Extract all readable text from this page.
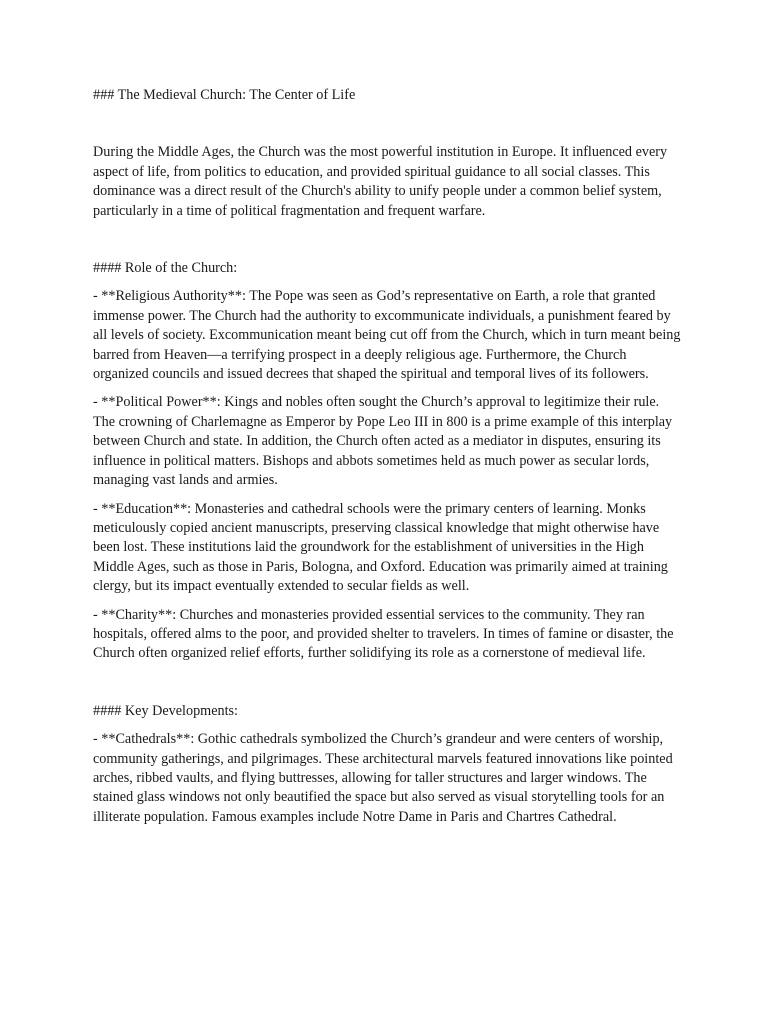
### The Medieval Church: The Center of Life

During the Middle Ages, the Church was the most powerful institution in Europe. It influenced every aspect of life, from politics to education, and provided spiritual guidance to all social classes. This dominance was a direct result of the Church's ability to unify people under a common belief system, particularly in a time of political fragmentation and frequent warfare.

#### Role of the Church:

- **Religious Authority**: The Pope was seen as God’s representative on Earth, a role that granted immense power. The Church had the authority to excommunicate individuals, a punishment feared by all levels of society. Excommunication meant being cut off from the Church, which in turn meant being barred from Heaven—a terrifying prospect in a deeply religious age. Furthermore, the Church organized councils and issued decrees that shaped the spiritual and temporal lives of its followers.

- **Political Power**: Kings and nobles often sought the Church’s approval to legitimize their rule. The crowning of Charlemagne as Emperor by Pope Leo III in 800 is a prime example of this interplay between Church and state. In addition, the Church often acted as a mediator in disputes, ensuring its influence in political matters. Bishops and abbots sometimes held as much power as secular lords, managing vast lands and armies.

- **Education**: Monasteries and cathedral schools were the primary centers of learning. Monks meticulously copied ancient manuscripts, preserving classical knowledge that might otherwise have been lost. These institutions laid the groundwork for the establishment of universities in the High Middle Ages, such as those in Paris, Bologna, and Oxford. Education was primarily aimed at training clergy, but its impact eventually extended to secular fields as well.

- **Charity**: Churches and monasteries provided essential services to the community. They ran hospitals, offered alms to the poor, and provided shelter to travelers. In times of famine or disaster, the Church often organized relief efforts, further solidifying its role as a cornerstone of medieval life.

#### Key Developments:

- **Cathedrals**: Gothic cathedrals symbolized the Church’s grandeur and were centers of worship, community gatherings, and pilgrimages. These architectural marvels featured innovations like pointed arches, ribbed vaults, and flying buttresses, allowing for taller structures and larger windows. The stained glass windows not only beautified the space but also served as visual storytelling tools for an illiterate population. Famous examples include Notre Dame in Paris and Chartres Cathedral.
